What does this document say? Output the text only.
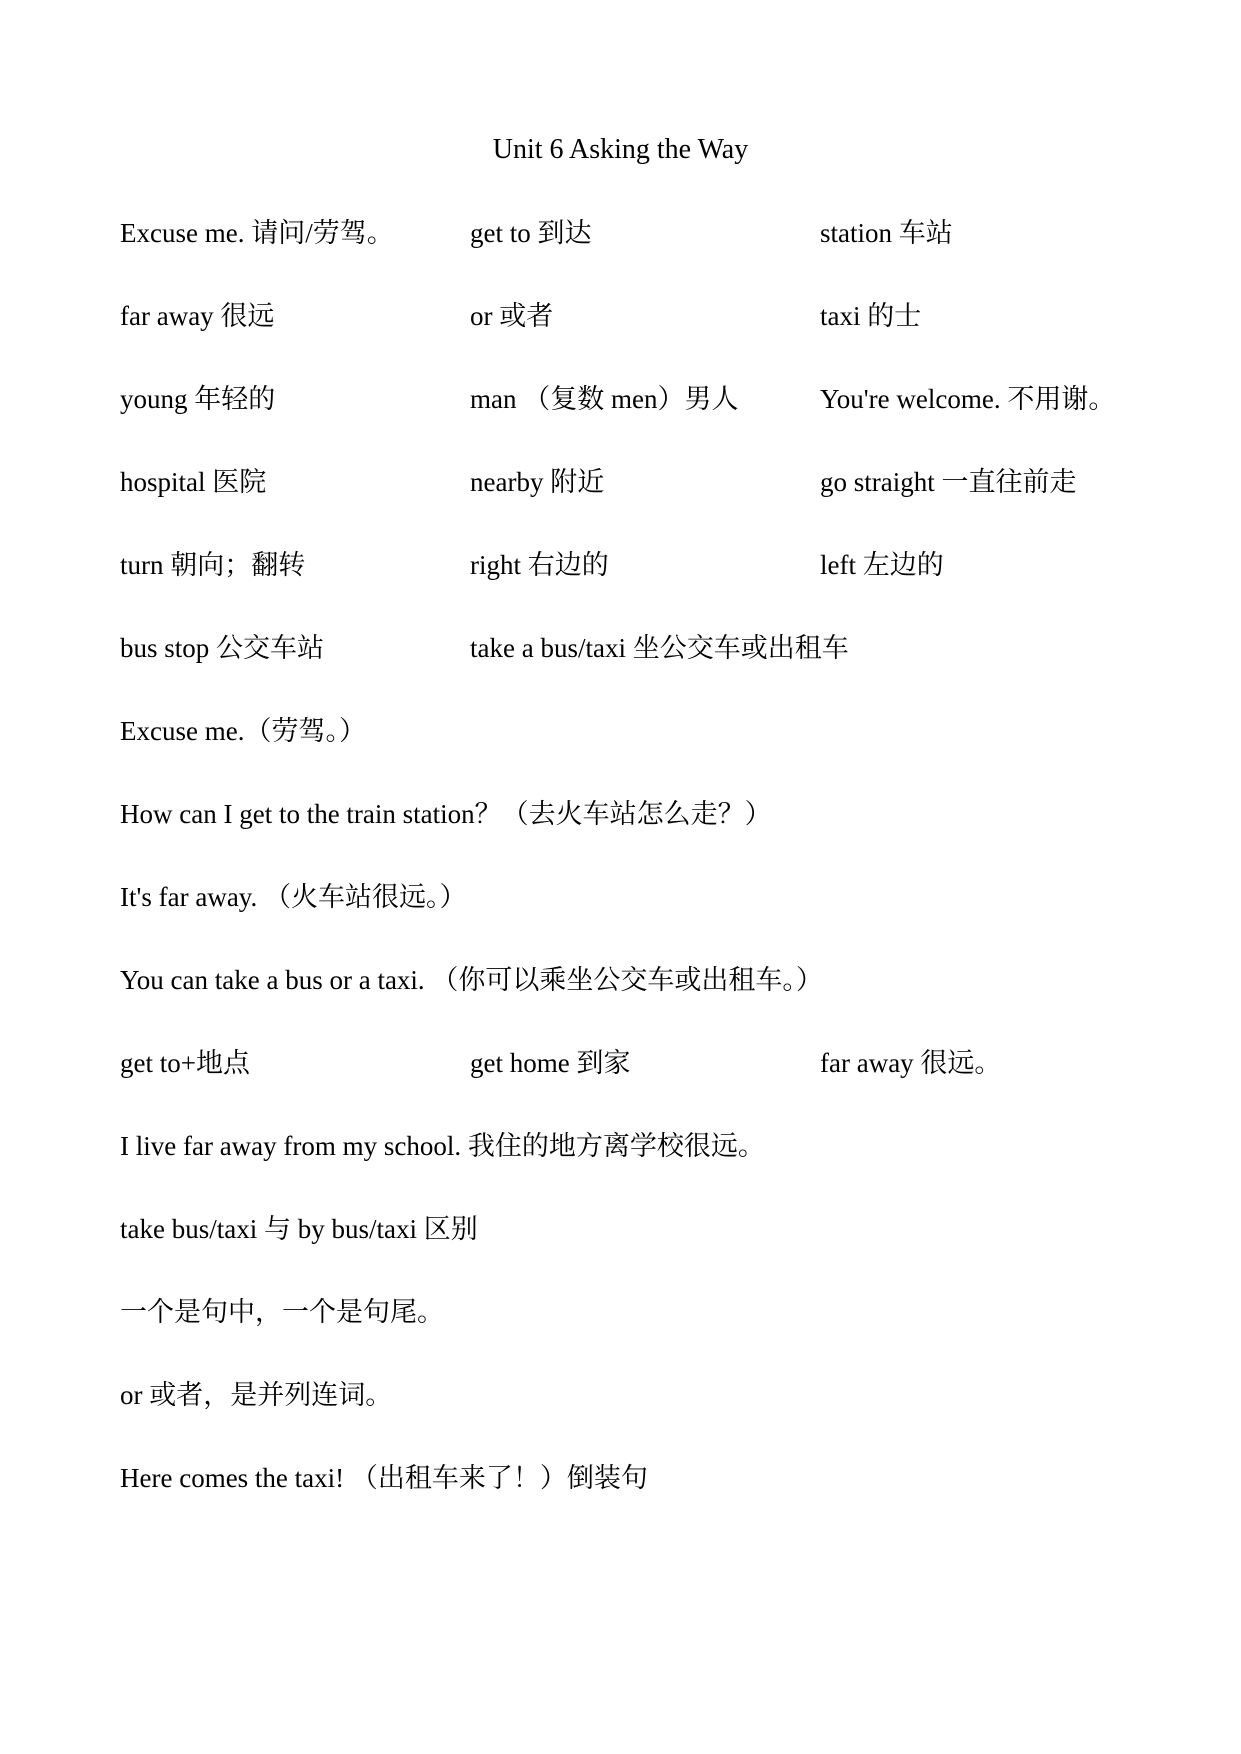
Unit 6 Asking the Way
Excuse me. 请问/劳驾。	get to 到达	station 车站
far away 很远	or 或者	taxi 的士
young 年轻的	man （复数 men）男人	You're welcome. 不用谢。
hospital 医院	nearby 附近	go straight 一直往前走
turn 朝向；翻转	right 右边的	left 左边的
bus stop 公交车站	take a bus/taxi 坐公交车或出租车
Excuse me.（劳驾。）
How can I get to the train station？（去火车站怎么走？）
It's far away. （火车站很远。）
You can take a bus or a taxi. （你可以乘坐公交车或出租车。）
get to+地点	get home 到家	far away 很远。
I live far away from my school. 我住的地方离学校很远。
take bus/taxi 与 by bus/taxi 区别
一个是句中，一个是句尾。
or 或者，是并列连词。
Here comes the taxi! （出租车来了！）倒装句
